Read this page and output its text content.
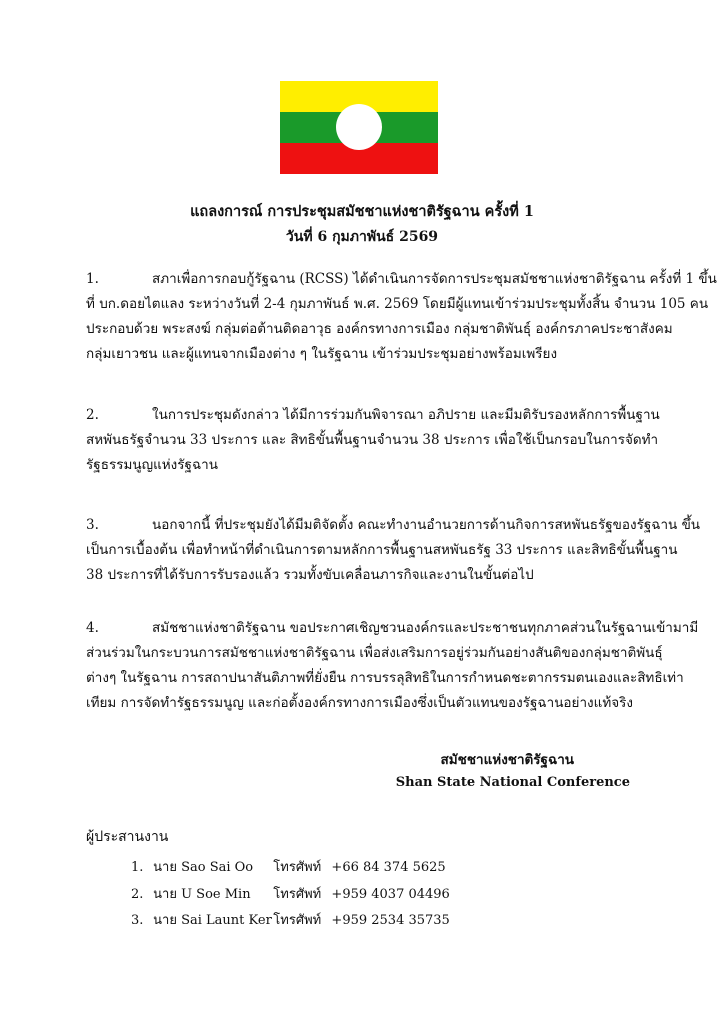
แถลงการณ์ การประชุมสมัชชาแห่งชาติรัฐฉาน ครั้งที่ 1
วันที่ 6 กุมภาพันธ์ 2569
1.	สภาเพื่อการกอบกู้รัฐฉาน (RCSS) ได้ดำเนินการจัดการประชุมสมัชชาแห่งชาติรัฐฉาน ครั้งที่ 1 ขึ้น
ที่ บก.ดอยไตแลง ระหว่างวันที่ 2-4 กุมภาพันธ์ พ.ศ. 2569 โดยมีผู้แทนเข้าร่วมประชุมทั้งสิ้น จำนวน 105 คน
ประกอบด้วย พระสงฆ์ กลุ่มต่อต้านติดอาวุธ องค์กรทางการเมือง กลุ่มชาติพันธุ์ องค์กรภาคประชาสังคม
กลุ่มเยาวชน และผู้แทนจากเมืองต่าง ๆ ในรัฐฉาน เข้าร่วมประชุมอย่างพร้อมเพรียง
2.	ในการประชุมดังกล่าว ได้มีการร่วมกันพิจารณา อภิปราย และมีมติรับรองหลักการพื้นฐาน
สหพันธรัฐจำนวน 33 ประการ และ สิทธิขั้นพื้นฐานจำนวน 38 ประการ เพื่อใช้เป็นกรอบในการจัดทำ
รัฐธรรมนูญแห่งรัฐฉาน
3.	นอกจากนี้ ที่ประชุมยังได้มีมติจัดตั้ง คณะทำงานอำนวยการด้านกิจการสหพันธรัฐของรัฐฉาน ขึ้น
เป็นการเบื้องต้น เพื่อทำหน้าที่ดำเนินการตามหลักการพื้นฐานสหพันธรัฐ 33 ประการ และสิทธิขั้นพื้นฐาน
38 ประการที่ได้รับการรับรองแล้ว รวมทั้งขับเคลื่อนภารกิจและงานในขั้นต่อไป
4.	สมัชชาแห่งชาติรัฐฉาน ขอประกาศเชิญชวนองค์กรและประชาชนทุกภาคส่วนในรัฐฉานเข้ามามี
ส่วนร่วมในกระบวนการสมัชชาแห่งชาติรัฐฉาน เพื่อส่งเสริมการอยู่ร่วมกันอย่างสันติของกลุ่มชาติพันธุ์
ต่างๆ ในรัฐฉาน การสถาปนาสันติภาพที่ยั่งยืน การบรรลุสิทธิในการกำหนดชะตากรรมตนเองและสิทธิเท่า
เทียม การจัดทำรัฐธรรมนูญ และก่อตั้งองค์กรทางการเมืองซึ่งเป็นตัวแทนของรัฐฉานอย่างแท้จริง
สมัชชาแห่งชาติรัฐฉาน
Shan State National Conference
ผู้ประสานงาน
1. นาย Sao Sai Oo โทรศัพท์ +66 84 374 5625
2. นาย U Soe Min โทรศัพท์ +959 4037 04496
3. นาย Sai Launt Ker โทรศัพท์ +959 2534 35735
